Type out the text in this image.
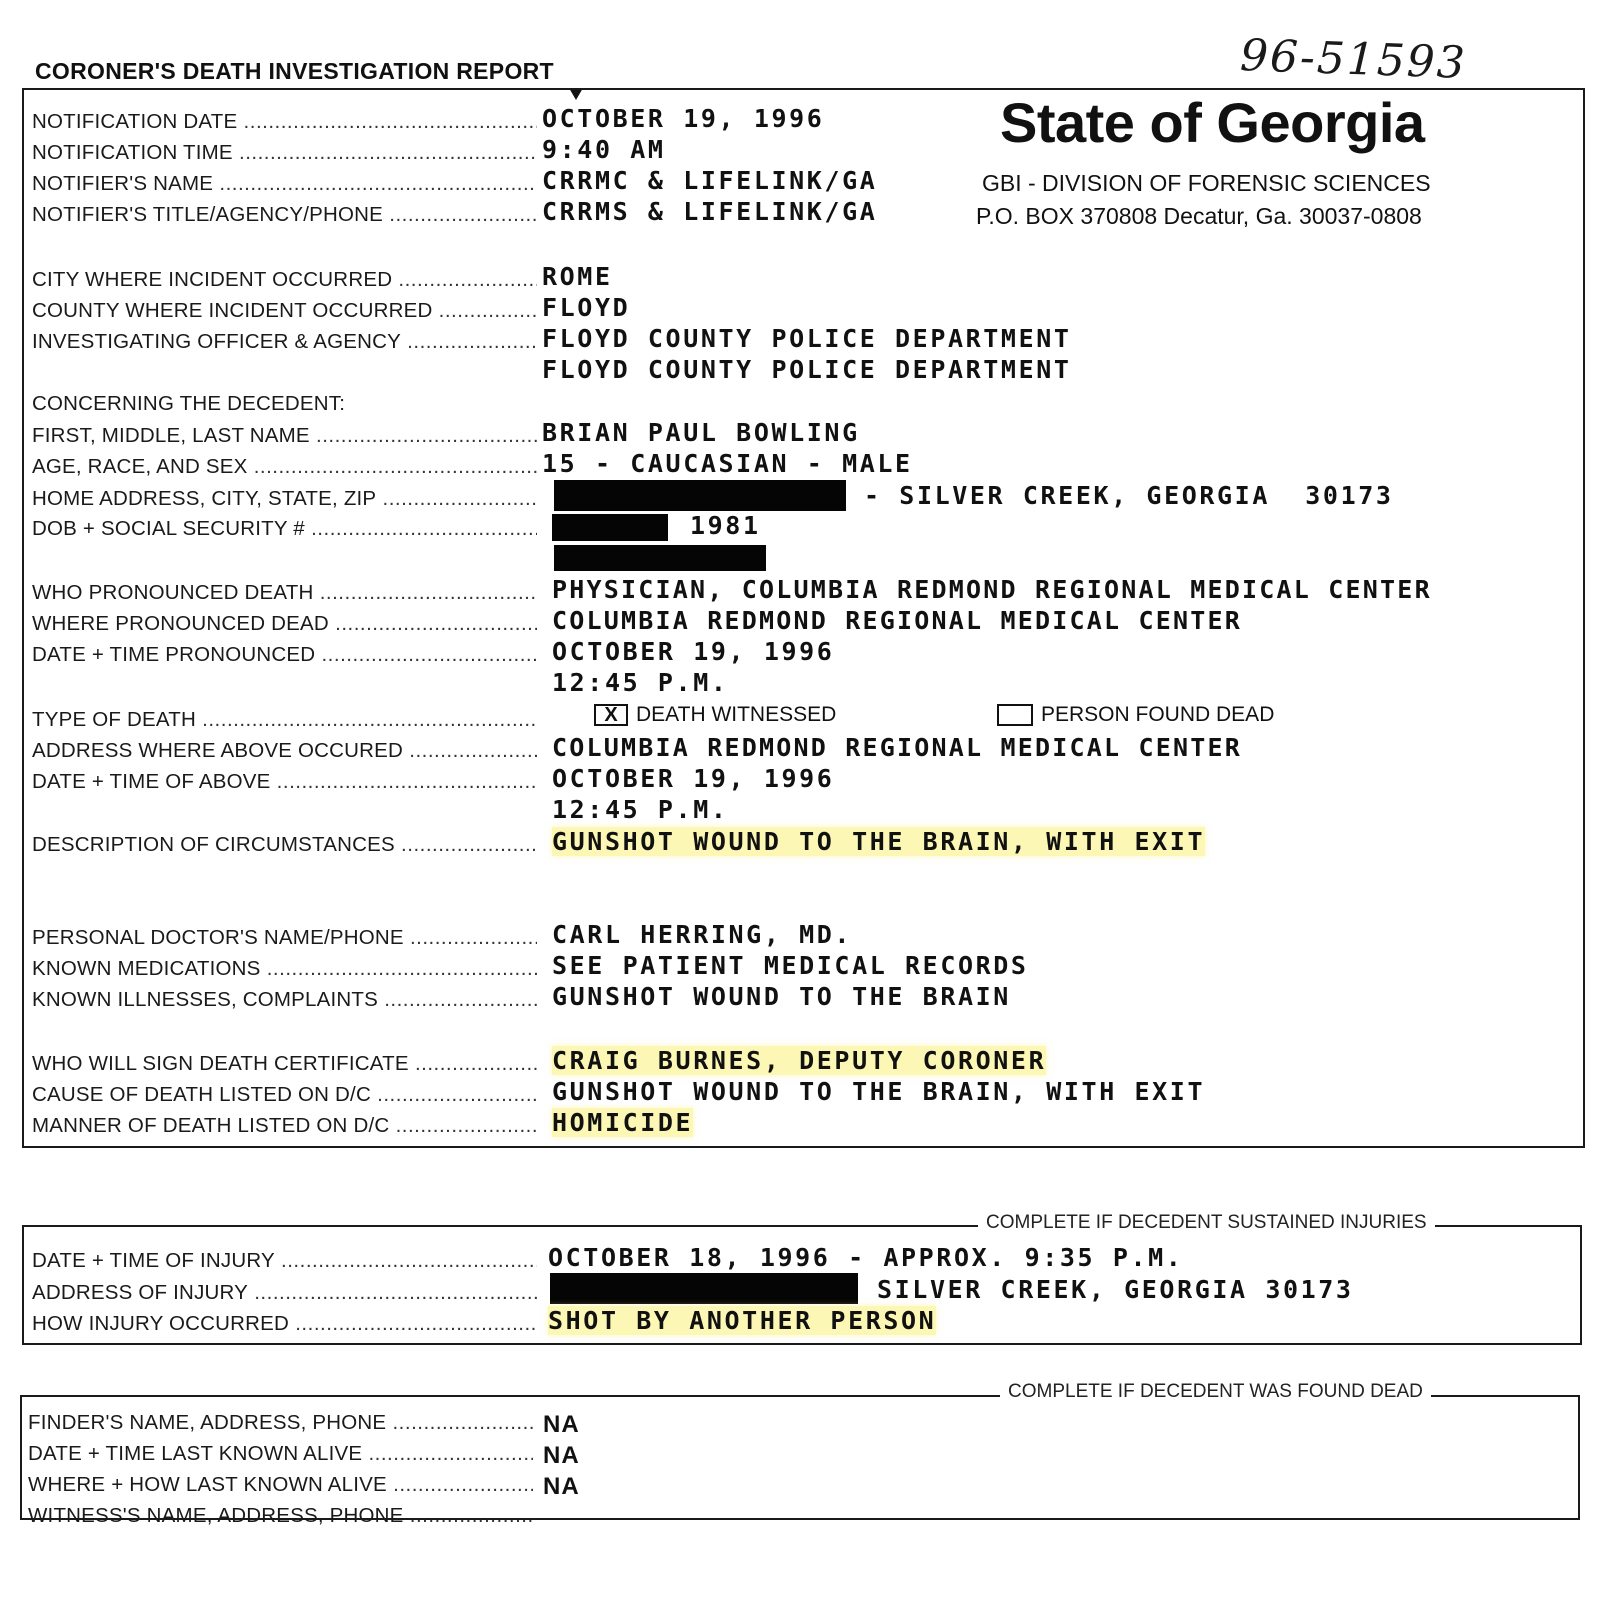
CORONER'S DEATH INVESTIGATION REPORT	96-51593
State of Georgia
GBI - DIVISION OF FORENSIC SCIENCES
P.O. BOX 370808 Decatur, Ga. 30037-0808
NOTIFICATION DATE .....	OCTOBER 19, 1996
NOTIFICATION TIME .....	9:40 AM
NOTIFIER'S NAME .....	CRRMC & LIFELINK/GA
NOTIFIER'S TITLE/AGENCY/PHONE .....	CRRMS & LIFELINK/GA
CITY WHERE INCIDENT OCCURRED .....	ROME
COUNTY WHERE INCIDENT OCCURRED .....	FLOYD
INVESTIGATING OFFICER & AGENCY .....	FLOYD COUNTY POLICE DEPARTMENT
FLOYD COUNTY POLICE DEPARTMENT
CONCERNING THE DECEDENT:
FIRST, MIDDLE, LAST NAME .....	BRIAN PAUL BOWLING
AGE, RACE, AND SEX .....	15 - CAUCASIAN - MALE
HOME ADDRESS, CITY, STATE, ZIP .....	- SILVER CREEK, GEORGIA  30173
DOB + SOCIAL SECURITY # .....	1981
WHO PRONOUNCED DEATH .....	PHYSICIAN, COLUMBIA REDMOND REGIONAL MEDICAL CENTER
WHERE PRONOUNCED DEAD .....	COLUMBIA REDMOND REGIONAL MEDICAL CENTER
DATE + TIME PRONOUNCED .....	OCTOBER 19, 1996
12:45 P.M.
TYPE OF DEATH .....	X DEATH WITNESSED	PERSON FOUND DEAD
ADDRESS WHERE ABOVE OCCURED .....	COLUMBIA REDMOND REGIONAL MEDICAL CENTER
DATE + TIME OF ABOVE .....	OCTOBER 19, 1996
12:45 P.M.
DESCRIPTION OF CIRCUMSTANCES .....	GUNSHOT WOUND TO THE BRAIN, WITH EXIT
PERSONAL DOCTOR'S NAME/PHONE .....	CARL HERRING, MD.
KNOWN MEDICATIONS .....	SEE PATIENT MEDICAL RECORDS
KNOWN ILLNESSES, COMPLAINTS .....	GUNSHOT WOUND TO THE BRAIN
WHO WILL SIGN DEATH CERTIFICATE .....	CRAIG BURNES, DEPUTY CORONER
CAUSE OF DEATH LISTED ON D/C .....	GUNSHOT WOUND TO THE BRAIN, WITH EXIT
MANNER OF DEATH LISTED ON D/C .....	HOMICIDE
COMPLETE IF DECEDENT SUSTAINED INJURIES
DATE + TIME OF INJURY .....	OCTOBER 18, 1996 - APPROX. 9:35 P.M.
ADDRESS OF INJURY .....	SILVER CREEK, GEORGIA 30173
HOW INJURY OCCURRED .....	SHOT BY ANOTHER PERSON
COMPLETE IF DECEDENT WAS FOUND DEAD
FINDER'S NAME, ADDRESS, PHONE .....	NA
DATE + TIME LAST KNOWN ALIVE .....	NA
WHERE + HOW LAST KNOWN ALIVE .....	NA
WITNESS'S NAME, ADDRESS, PHONE .....
